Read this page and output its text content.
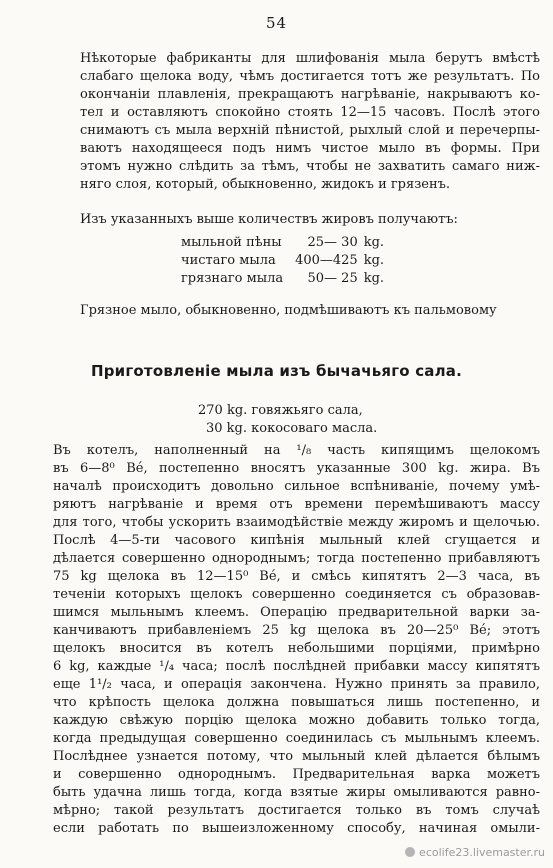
54
Нѣкоторые фабриканты для шлифованія мыла берутъ вмѣстѣ
слабаго щелока воду, чѣмъ достигается тотъ же результатъ. По
окончаніи плавленія, прекращаютъ нагрѣваніе, накрываютъ ко-
тел и оставляютъ спокойно стоять 12—15 часовъ. Послѣ этого
снимаютъ съ мыла верхній пѣнистой, рыхлый слой и перечерпы-
ваютъ находящееся подъ нимъ чистое мыло въ формы. При
этомъ нужно слѣдить за тѣмъ, чтобы не захватить самаго ниж-
няго слоя, который, обыкновенно, жидокъ и грязенъ.
Изъ указанныхъ выше количествъ жировъ получаютъ:
мыльной пѣны	25— 30	kg.
чистаго мыла	400—425	kg.
грязнаго мыла	50— 25	kg.
Грязное мыло, обыкновенно, подмѣшиваютъ къ пальмовому
Приготовленіе мыла изъ бычачьяго сала.
270 kg. говяжьяго сала,
30 kg. кокосоваго масла.
Въ котелъ, наполненный на ¹/₈ часть кипящимъ щелокомъ
въ 6—8⁰ Bé, постепенно вносятъ указанные 300 kg. жира. Въ
началѣ происходитъ довольно сильное вспѣниваніе, почему умѣ-
ряютъ нагрѣваніе и время отъ времени перемѣшиваютъ массу
для того, чтобы ускорить взаимодѣйствіе между жиромъ и щелочью.
Послѣ 4—5-ти часового кипѣнія мыльный клей сгущается и
дѣлается совершенно однороднымъ; тогда постепенно прибавляютъ
75 kg щелока въ 12—15⁰ Bé, и смѣсь кипятятъ 2—3 часа, въ
теченіи которыхъ щелокъ совершенно соединяется съ образовав-
шимся мыльнымъ клеемъ. Операцію предварительной варки за-
канчиваютъ прибавленіемъ 25 kg щелока въ 20—25⁰ Bé; этотъ
щелокъ вносится въ котелъ небольшими порціями, примѣрно
6 kg, каждые ¹/₄ часа; послѣ послѣдней прибавки массу кипятятъ
еще 1¹/₂ часа, и операція закончена. Нужно принять за правило,
что крѣпость щелока должна повышаться лишь постепенно, и
каждую свѣжую порцію щелока можно добавить только тогда,
когда предыдущая совершенно соединилась съ мыльнымъ клеемъ.
Послѣднее узнается потому, что мыльный клей дѣлается бѣлымъ
и совершенно однороднымъ. Предварительная варка можетъ
быть удачна лишь тогда, когда взятые жиры омыливаются равно-
мѣрно; такой результатъ достигается только въ томъ случаѣ
если работать по вышеизложенному способу, начиная омыли-
ecolife23.livemaster.ru
